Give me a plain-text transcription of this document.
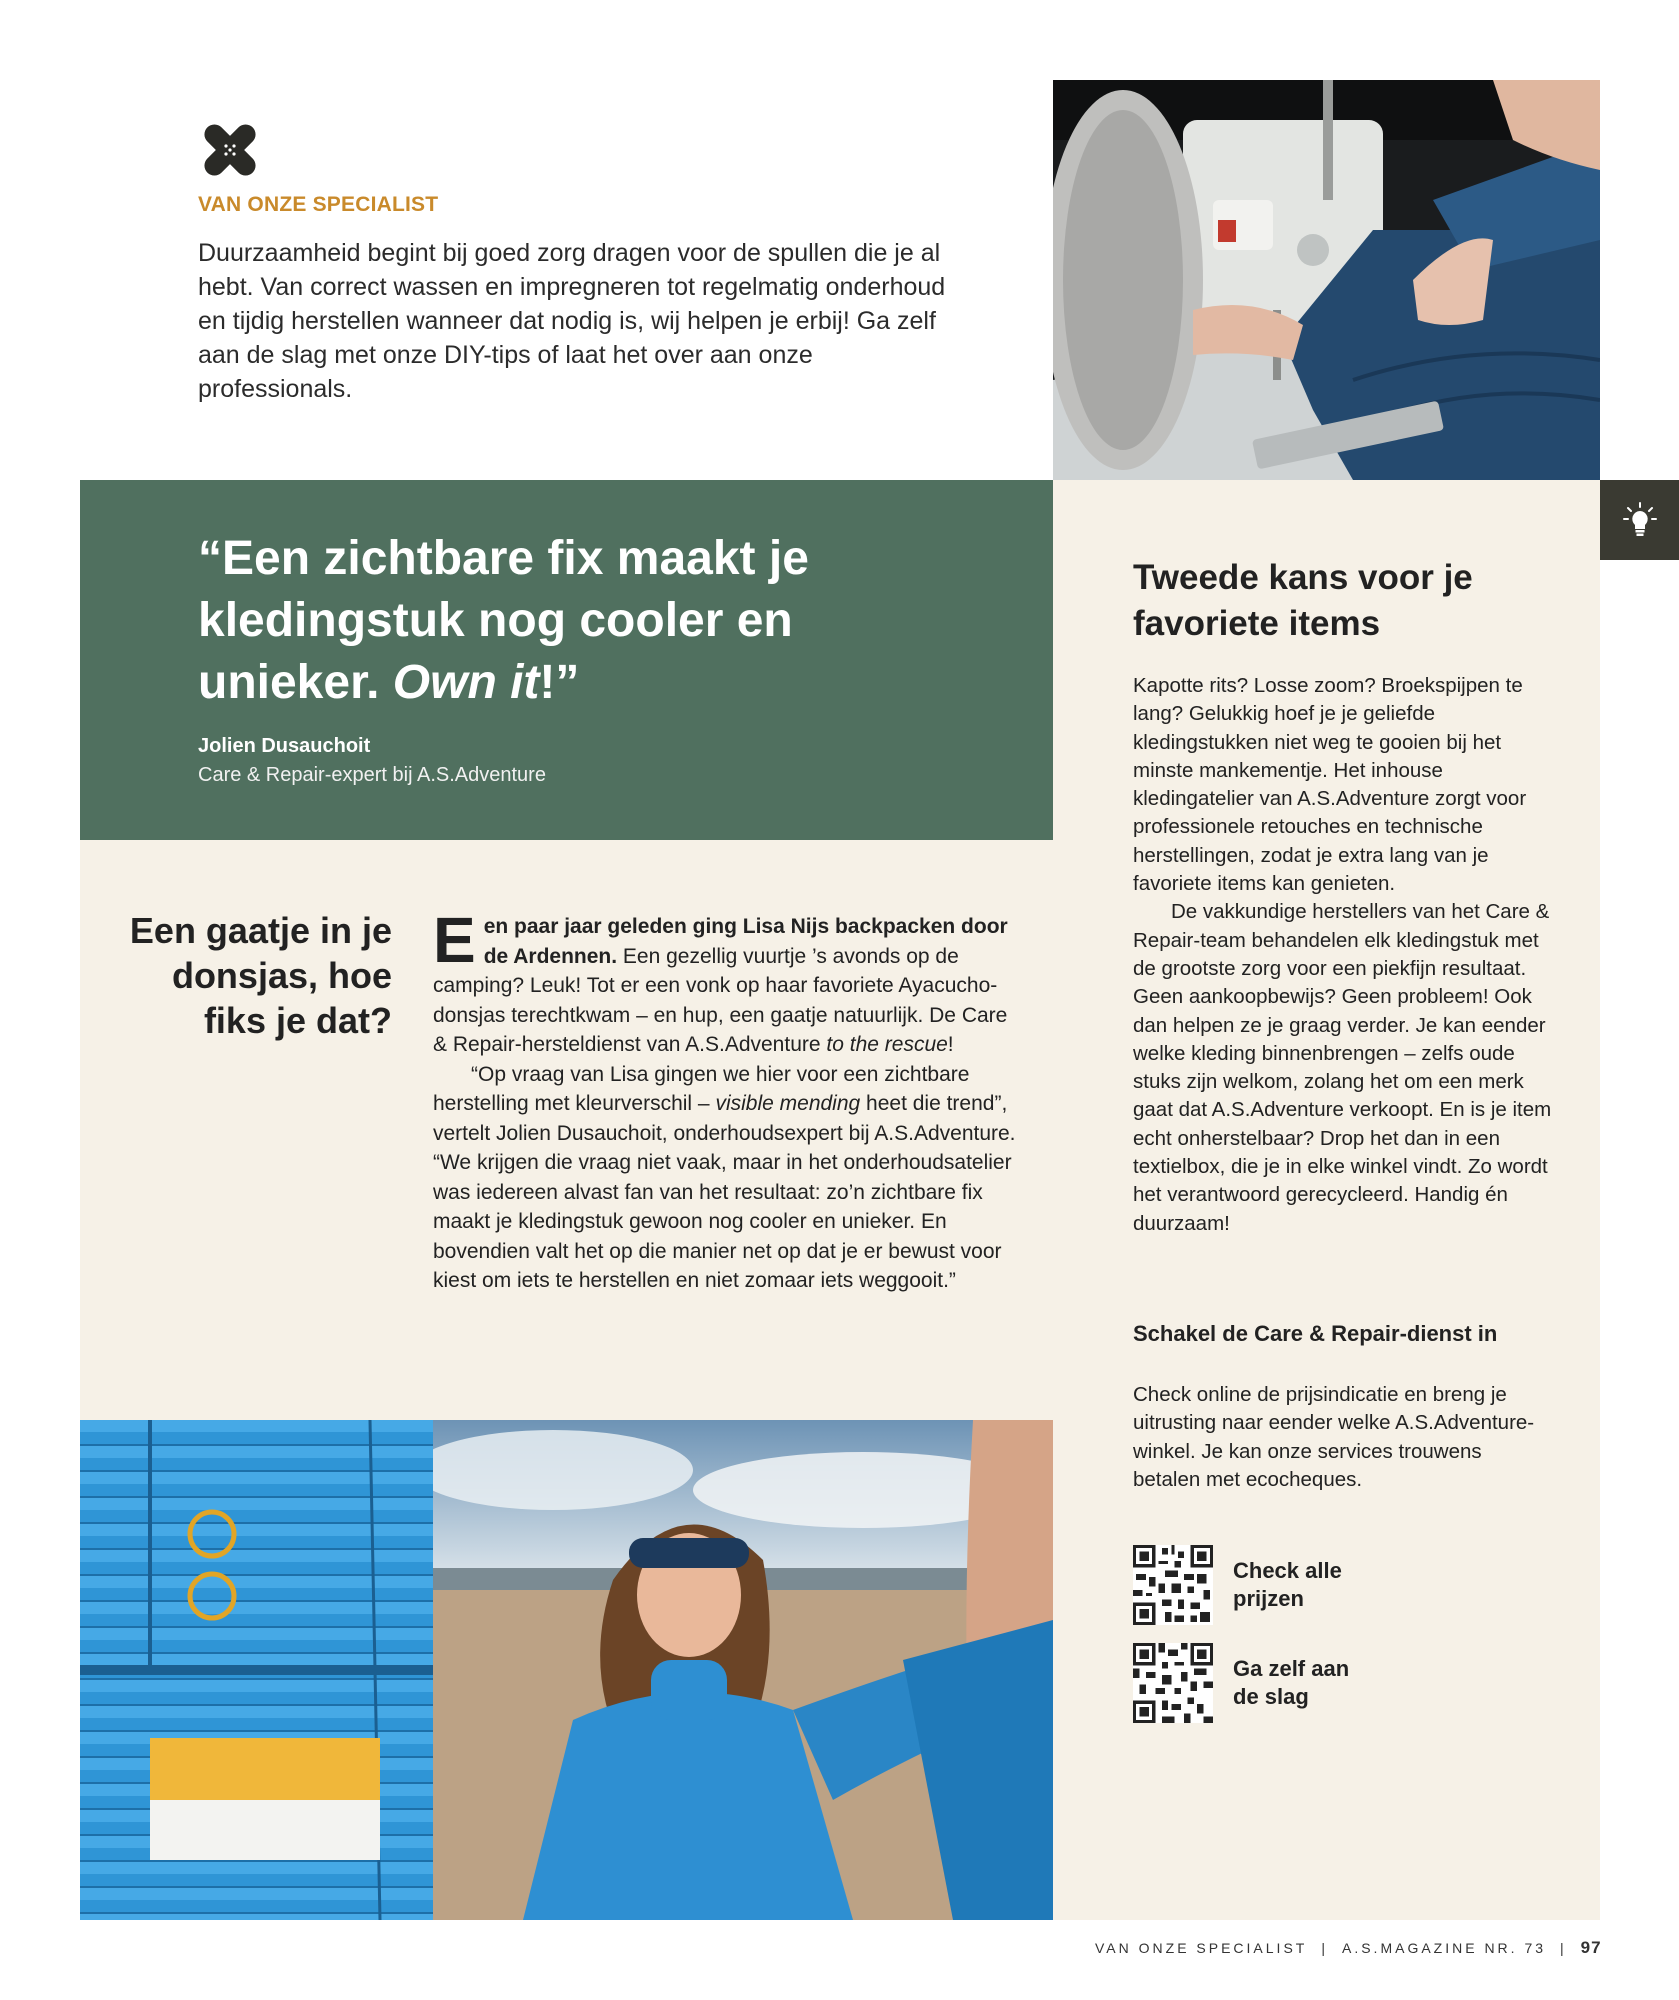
VAN ONZE SPECIALIST
Duurzaamheid begint bij goed zorg dragen voor de spullen die je al hebt. Van correct wassen en impregneren tot regelmatig onderhoud en tijdig herstellen wanneer dat nodig is, wij helpen je erbij! Ga zelf aan de slag met onze DIY-tips of laat het over aan onze professionals.
“Een zichtbare fix maakt je kledingstuk nog cooler en unieker. Own it!”
Jolien Dusauchoit
Care & Repair-expert bij A.S.Adventure
Tweede kans voor je favoriete items

Kapotte rits? Losse zoom? Broekspijpen te lang? Gelukkig hoef je je geliefde kledingstukken niet weg te gooien bij het minste mankementje. Het inhouse kledingatelier van A.S.Adventure zorgt voor professionele retouches en technische herstellingen, zodat je extra lang van je favoriete items kan genieten.

De vakkundige herstellers van het Care & Repair-team behandelen elk kledingstuk met de grootste zorg voor een piekfijn resultaat. Geen aankoopbewijs? Geen probleem! Ook dan helpen ze je graag verder. Je kan eender welke kleding binnenbrengen – zelfs oude stuks zijn welkom, zolang het om een merk gaat dat A.S.Adventure verkoopt. En is je item echt onherstelbaar? Drop het dan in een textielbox, die je in elke winkel vindt. Zo wordt het verantwoord gerecycleerd. Handig én duurzaam!

Schakel de Care & Repair-dienst in
Check online de prijsindicatie en breng je uitrusting naar eender welke A.S.Adventure-winkel. Je kan onze services trouwens betalen met ecocheques.
Check alle prijzen
Ga zelf aan de slag
Een gaatje in je donsjas, hoe fiks je dat?

Een paar jaar geleden ging Lisa Nijs backpacken door de Ardennen. Een gezellig vuurtje ’s avonds op de camping? Leuk! Tot er een vonk op haar favoriete Ayacucho-donsjas terechtkwam – en hup, een gaatje natuurlijk. De Care & Repair-hersteldienst van A.S.Adventure to the rescue!

“Op vraag van Lisa gingen we hier voor een zichtbare herstelling met kleurverschil – visible mending heet die trend”, vertelt Jolien Dusauchoit, onderhoudsexpert bij A.S.Adventure. “We krijgen die vraag niet vaak, maar in het onderhoudsatelier was iedereen alvast fan van het resultaat: zo’n zichtbare fix maakt je kledingstuk gewoon nog cooler en unieker. En bovendien valt het op die manier net op dat je er bewust voor kiest om iets te herstellen en niet zomaar iets weggooit.”

VAN ONZE SPECIALIST | A.S.MAGAZINE NR. 73 | 97
